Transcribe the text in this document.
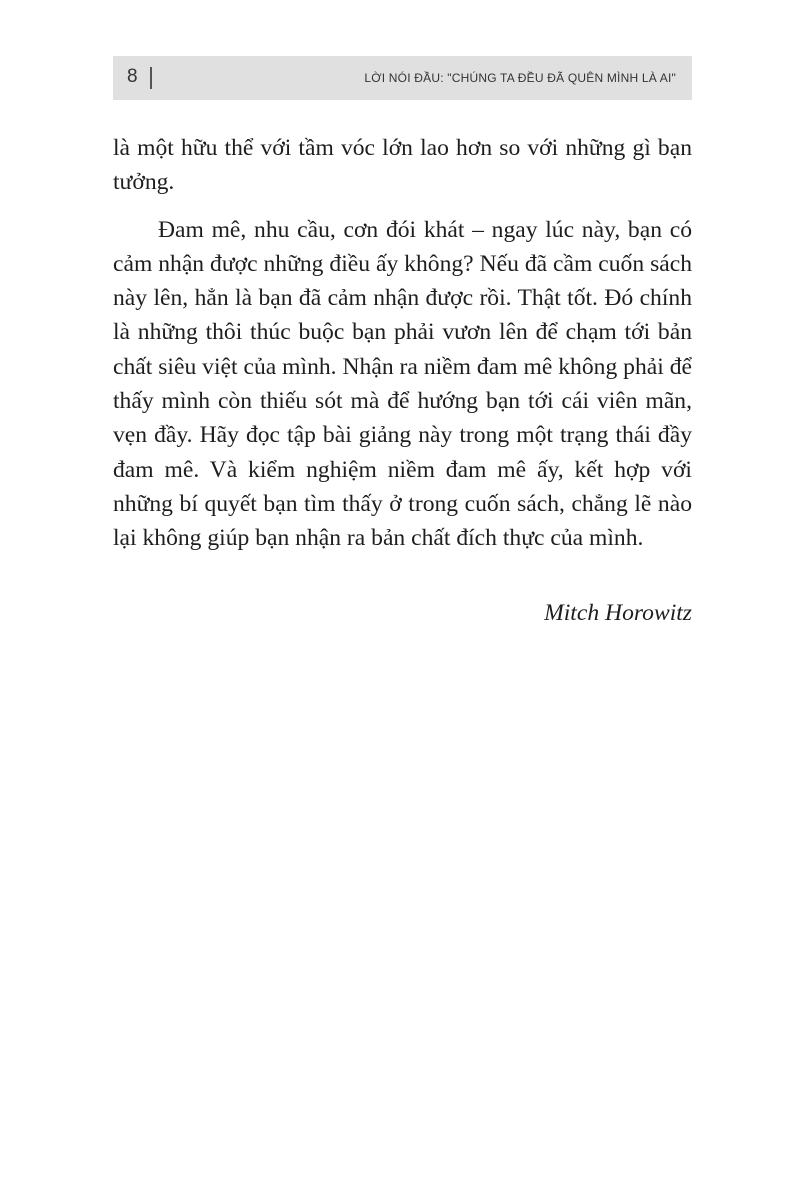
8	LỜI NÓI ĐẦU: "CHÚNG TA ĐỀU ĐÃ QUÊN MÌNH LÀ AI"

là một hữu thể với tầm vóc lớn lao hơn so với những gì bạn tưởng.

Đam mê, nhu cầu, cơn đói khát – ngay lúc này, bạn có cảm nhận được những điều ấy không? Nếu đã cầm cuốn sách này lên, hẳn là bạn đã cảm nhận được rồi. Thật tốt. Đó chính là những thôi thúc buộc bạn phải vươn lên để chạm tới bản chất siêu việt của mình. Nhận ra niềm đam mê không phải để thấy mình còn thiếu sót mà để hướng bạn tới cái viên mãn, vẹn đầy. Hãy đọc tập bài giảng này trong một trạng thái đầy đam mê. Và kiểm nghiệm niềm đam mê ấy, kết hợp với những bí quyết bạn tìm thấy ở trong cuốn sách, chẳng lẽ nào lại không giúp bạn nhận ra bản chất đích thực của mình.

Mitch Horowitz
